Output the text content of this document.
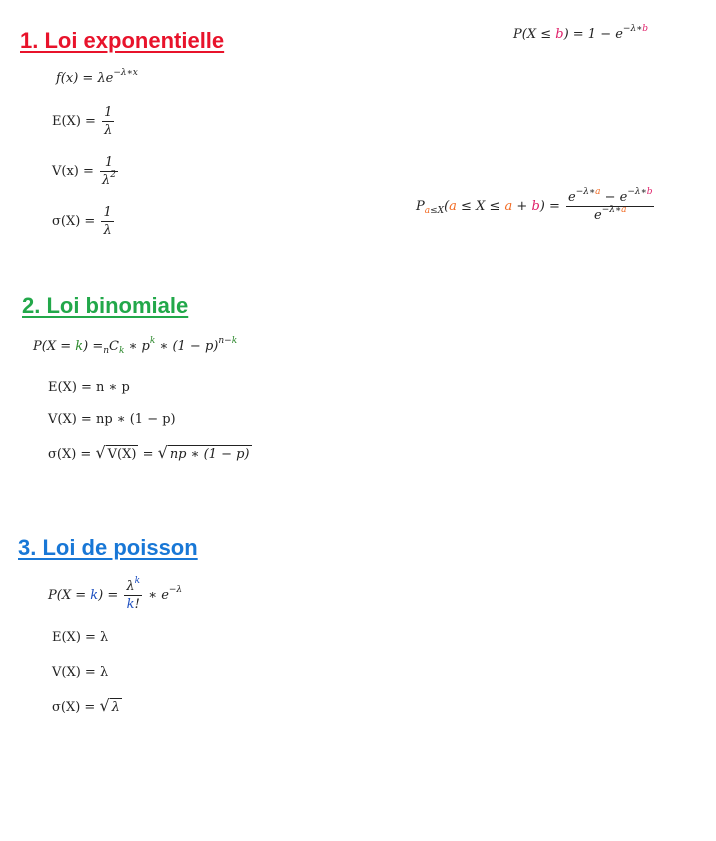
1. Loi exponentielle
$f(x) = \lambda e^{-\lambda∗x}$
$E(X) = \frac{1}{\lambda}$
$V(x) = \frac{1}{\lambda^2}$
$\sigma(X) = \frac{1}{\lambda}$
$P(X \le b) = 1 - e^{-\lambda∗b}$
$P_{a\le X}(a \le X \le a + b) = \frac{e^{-\lambda∗a} - e^{-\lambda∗b}}{e^{-\lambda∗a}}$
2. Loi binomiale
$P(X = k) =_nC_k$ ∗ $p^k$ ∗ $(1 - p)^{n-k}$
E(X) = n ∗ p
V(X) = np ∗ (1 − p)
σ(X) = √ V(X) = √ np ∗ (1 − p)
3. Loi de poisson
$P(X = k) = \frac{\lambda^k}{k!}$ ∗ $e^{-\lambda}$
E(X) = λ
V(X) = λ
σ(X) = √ λ
